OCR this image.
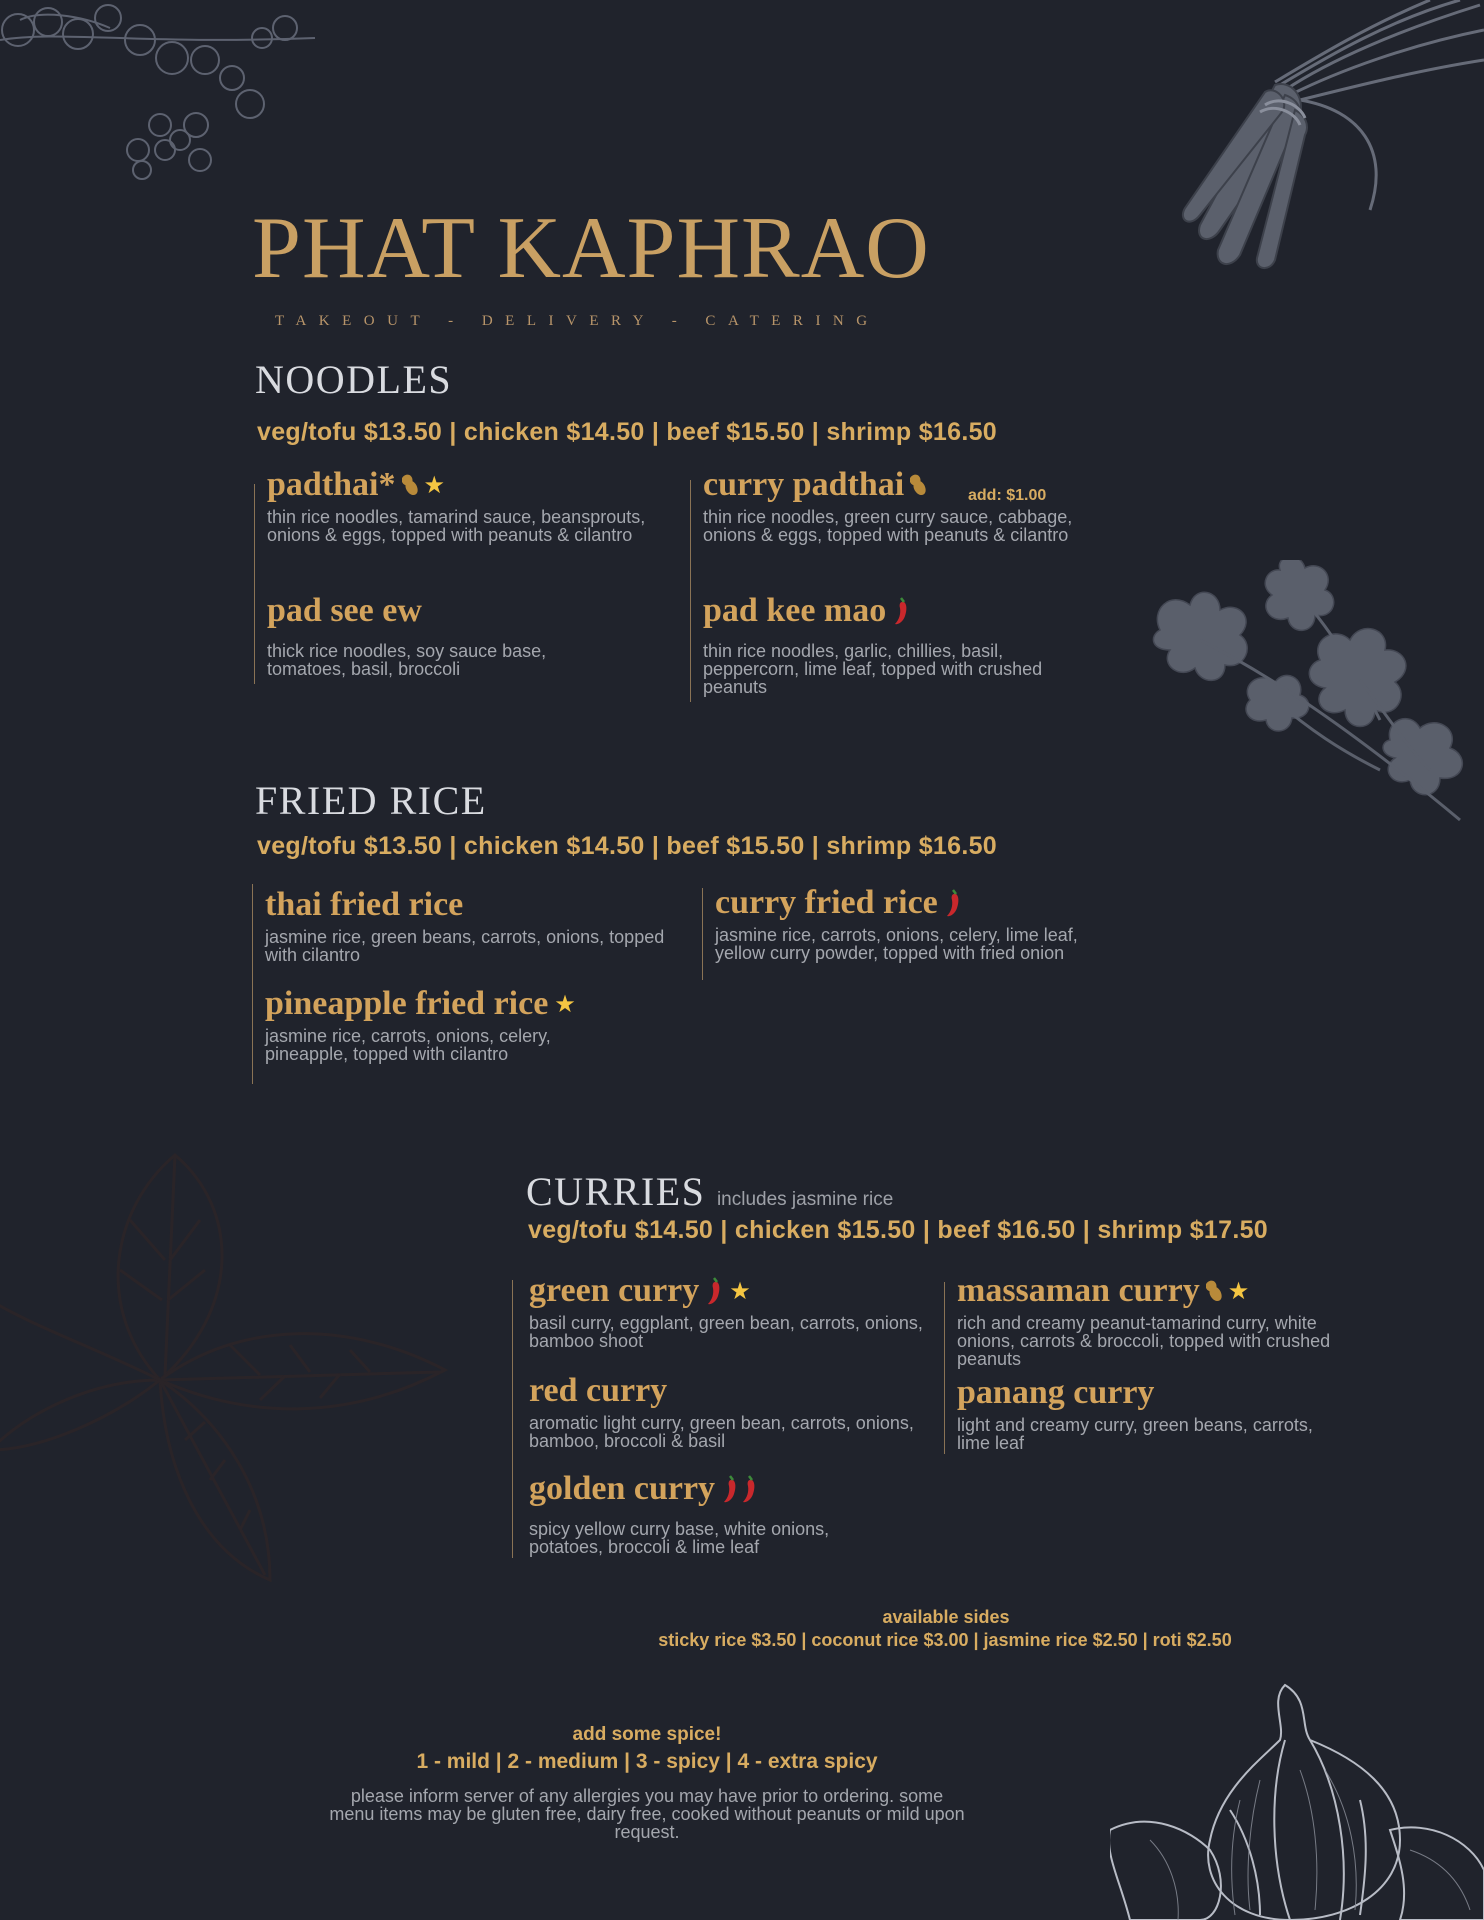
PHAT KAPHRAO
TAKEOUT - DELIVERY - CATERING
NOODLES
veg/tofu $13.50 | chicken $14.50 | beef $15.50 | shrimp $16.50
padthai* ★
thin rice noodles, tamarind sauce, beansprouts, onions & eggs, topped with peanuts & cilantro
pad see ew
thick rice noodles, soy sauce base, tomatoes, basil, broccoli
curry padthai
thin rice noodles, green curry sauce, cabbage, onions & eggs, topped with peanuts & cilantro
pad kee mao
thin rice noodles, garlic, chillies, basil, peppercorn, lime leaf, topped with crushed peanuts
add: $1.00
FRIED RICE
veg/tofu $13.50 | chicken $14.50 | beef $15.50 | shrimp $16.50
thai fried rice
jasmine rice, green beans, carrots, onions, topped with cilantro
pineapple fried rice ★
jasmine rice, carrots, onions, celery, pineapple, topped with cilantro
curry fried rice
jasmine rice, carrots, onions, celery, lime leaf, yellow curry powder, topped with fried onion
CURRIES includes jasmine rice
veg/tofu $14.50 | chicken $15.50 | beef $16.50 | shrimp $17.50
green curry ★
basil curry, eggplant, green bean, carrots, onions, bamboo shoot
red curry
aromatic light curry, green bean, carrots, onions, bamboo, broccoli & basil
golden curry
spicy yellow curry base, white onions, potatoes, broccoli & lime leaf
massaman curry ★
rich and creamy peanut-tamarind curry, white onions, carrots & broccoli, topped with crushed peanuts
panang curry
light and creamy curry, green beans, carrots, lime leaf
available sides
sticky rice $3.50 | coconut rice $3.00 | jasmine rice $2.50 | roti $2.50
add some spice!
1 - mild | 2 - medium | 3 - spicy | 4 - extra spicy
please inform server of any allergies you may have prior to ordering. some menu items may be gluten free, dairy free, cooked without peanuts or mild upon request.
